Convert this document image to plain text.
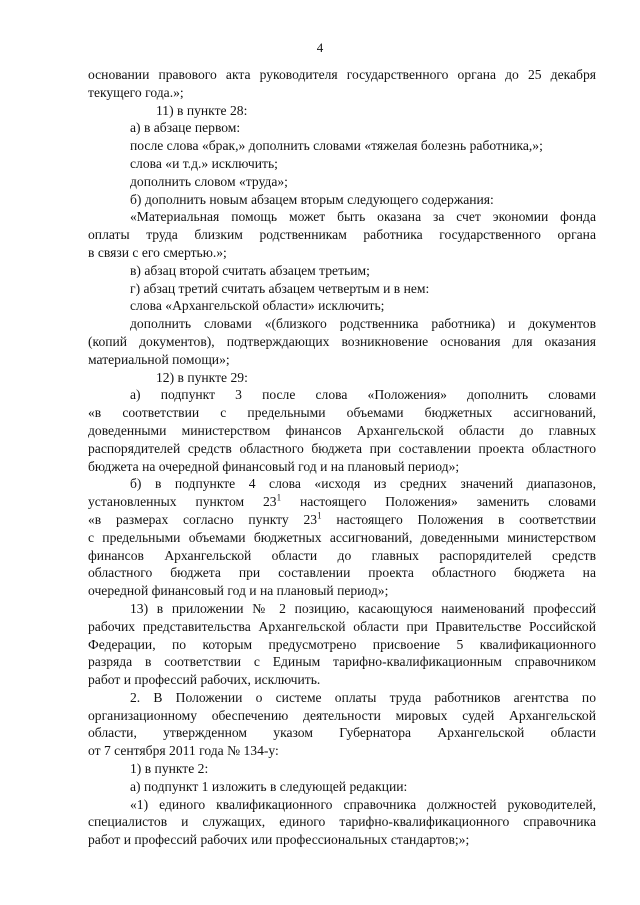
4
основании правового акта руководителя государственного органа до 25 декабря
текущего года.»;
11) в пункте 28:
а) в абзаце первом:
после слова «брак,» дополнить словами «тяжелая болезнь работника,»;
слова «и т.д.» исключить;
дополнить словом «труда»;
б) дополнить новым абзацем вторым следующего содержания:
«Материальная помощь может быть оказана за счет экономии фонда
оплаты труда близким родственникам работника государственного органа
в связи с его смертью.»;
в) абзац второй считать абзацем третьим;
г) абзац третий считать абзацем четвертым и в нем:
слова «Архангельской области» исключить;
дополнить словами «(близкого родственника работника) и документов
(копий документов), подтверждающих возникновение основания для оказания
материальной помощи»;
12) в пункте 29:
а) подпункт 3 после слова «Положения» дополнить словами
«в соответствии с предельными объемами бюджетных ассигнований,
доведенными министерством финансов Архангельской области до главных
распорядителей средств областного бюджета при составлении проекта областного
бюджета на очередной финансовый год и на плановый период»;
б) в подпункте 4 слова «исходя из средних значений диапазонов,
установленных пунктом $23^1$ настоящего Положения» заменить словами
«в размерах согласно пункту $23^1$ настоящего Положения в соответствии
с предельными объемами бюджетных ассигнований, доведенными министерством
финансов Архангельской области до главных распорядителей средств
областного бюджета при составлении проекта областного бюджета на
очередной финансовый год и на плановый период»;
13) в приложении № 2 позицию, касающуюся наименований профессий
рабочих представительства Архангельской области при Правительстве Российской
Федерации, по которым предусмотрено присвоение 5 квалификационного
разряда в соответствии с Единым тарифно-квалификационным справочником
работ и профессий рабочих, исключить.
2. В Положении о системе оплаты труда работников агентства по
организационному обеспечению деятельности мировых судей Архангельской
области, утвержденном указом Губернатора Архангельской области
от 7 сентября 2011 года № 134-у:
1) в пункте 2:
а) подпункт 1 изложить в следующей редакции:
«1) единого квалификационного справочника должностей руководителей,
специалистов и служащих, единого тарифно-квалификационного справочника
работ и профессий рабочих или профессиональных стандартов;»;
